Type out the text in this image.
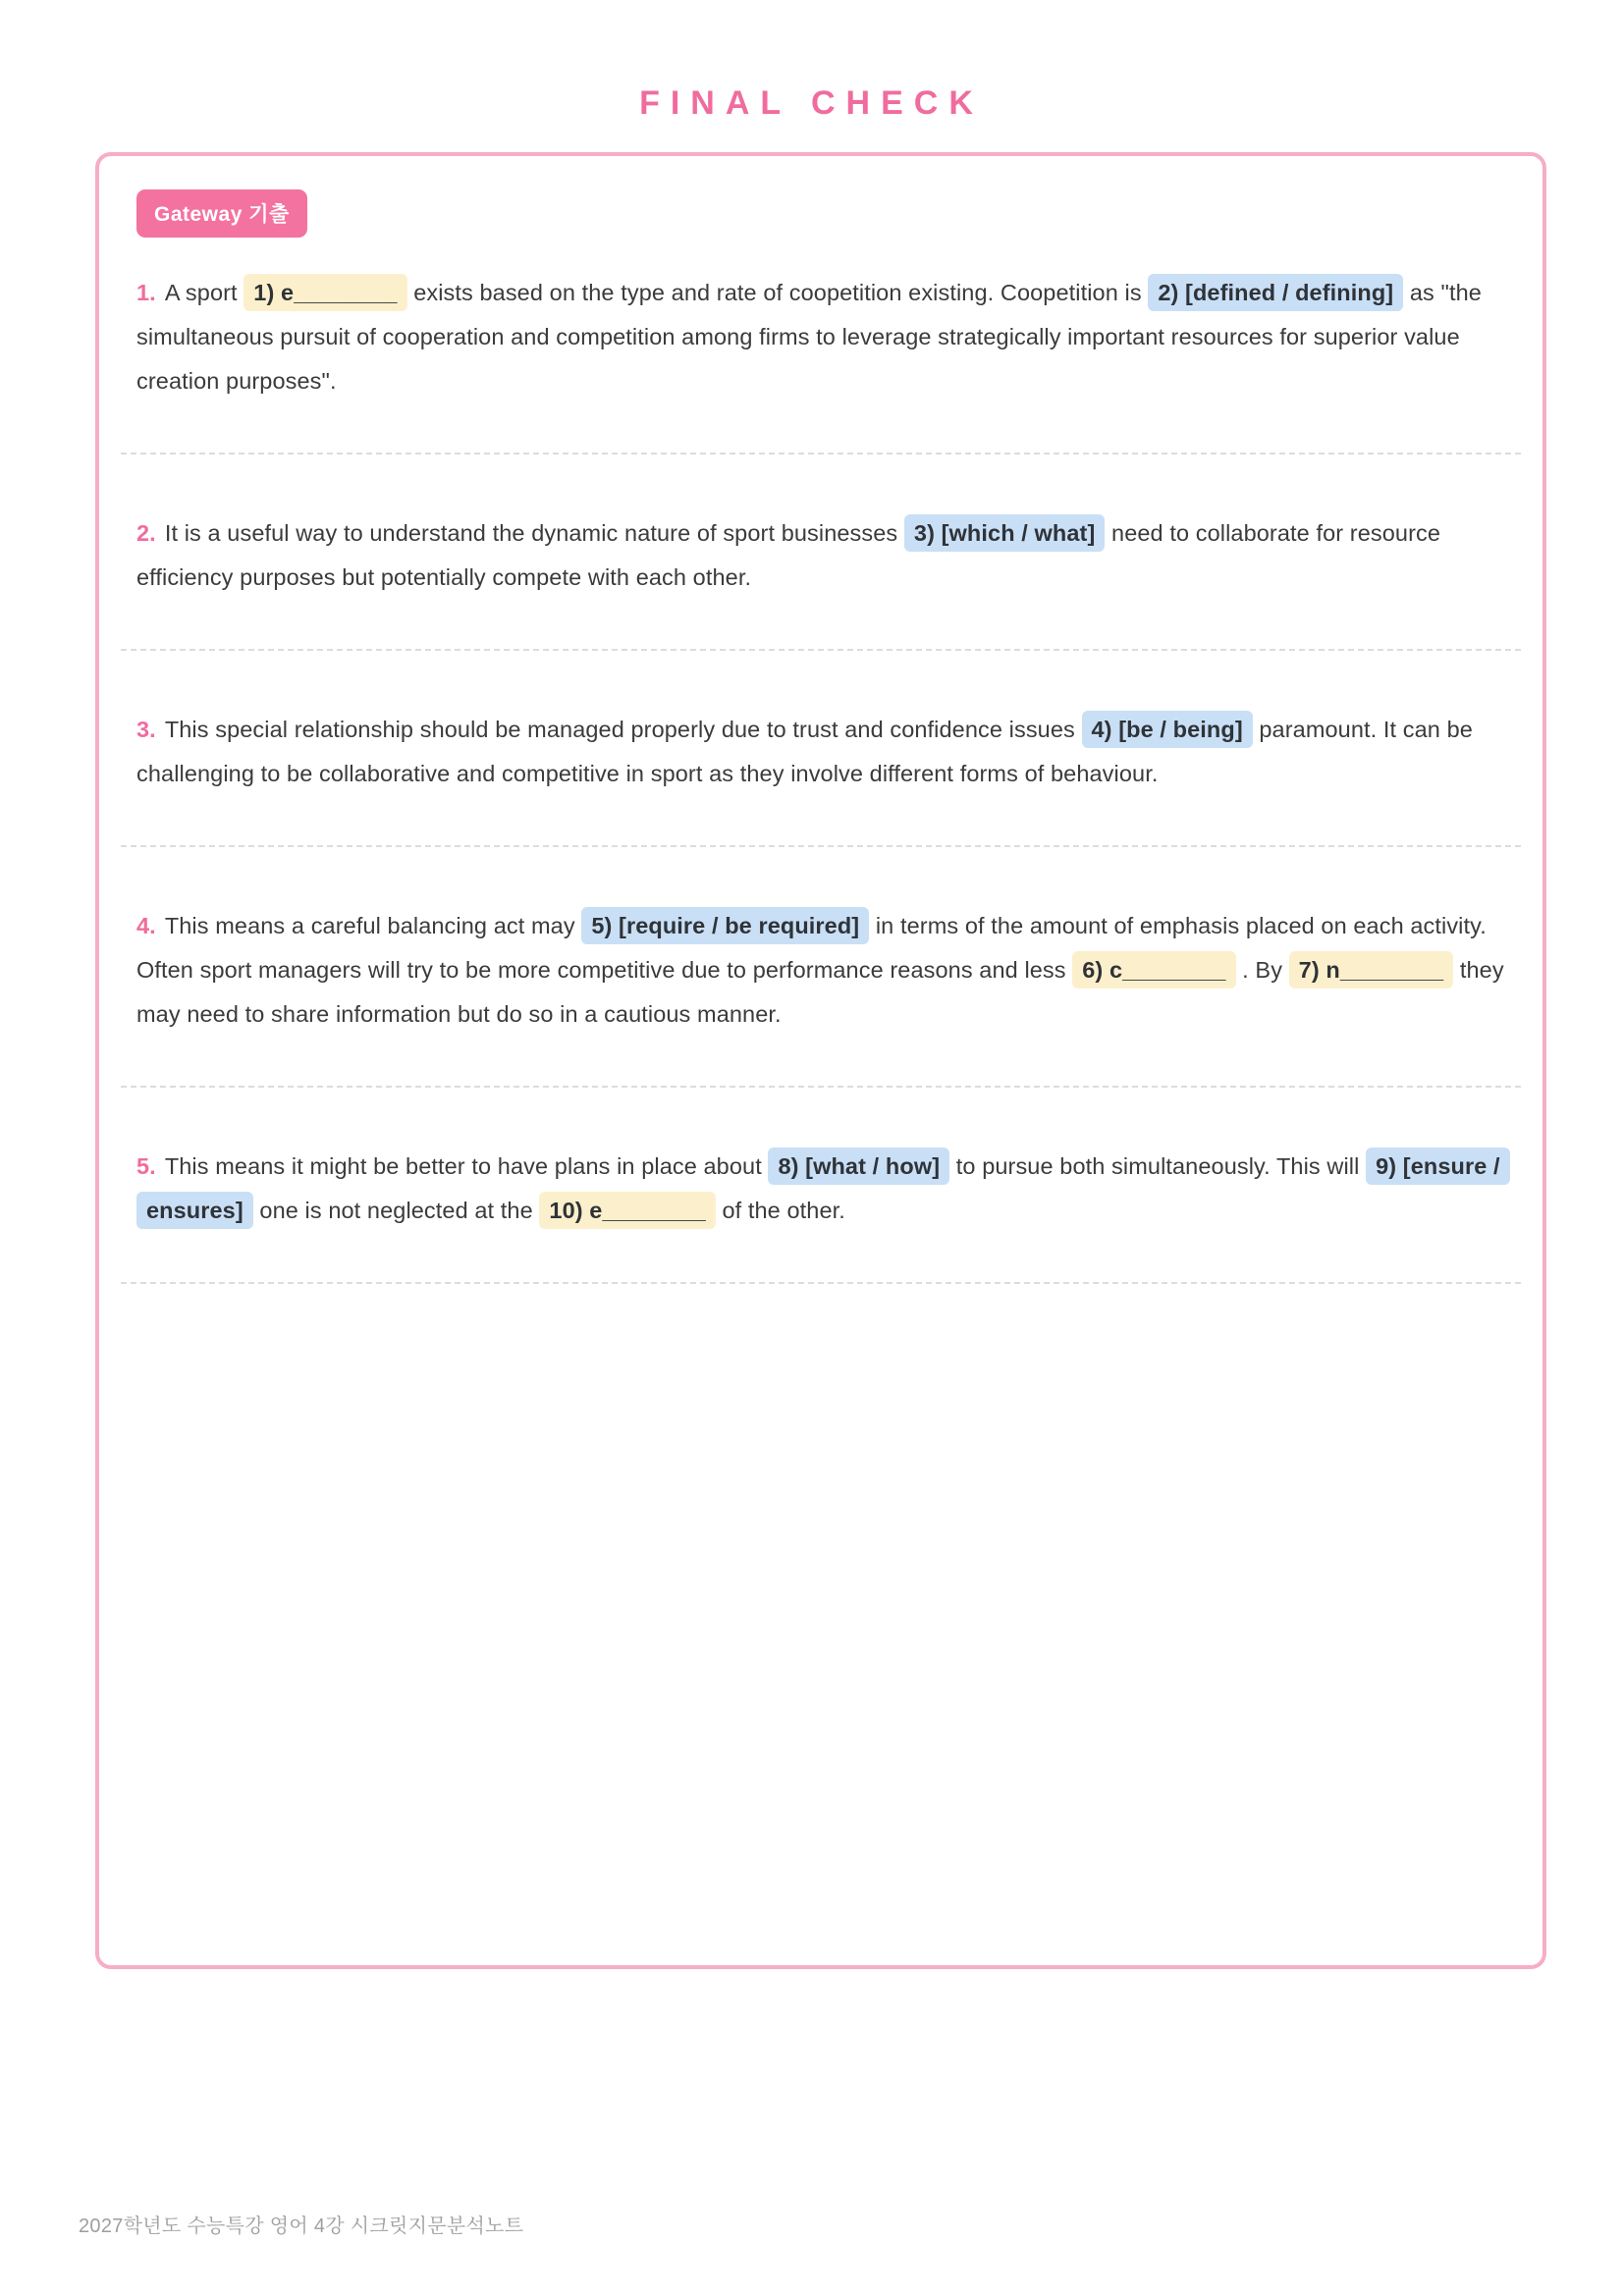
FINAL CHECK
Gateway 기출

1. A sport 1) e________ exists based on the type and rate of coopetition existing. Coopetition is 2) [defined / defining] as "the simultaneous pursuit of cooperation and competition among firms to leverage strategically important resources for superior value creation purposes".

2. It is a useful way to understand the dynamic nature of sport businesses 3) [which / what] need to collaborate for resource efficiency purposes but potentially compete with each other.

3. This special relationship should be managed properly due to trust and confidence issues 4) [be / being] paramount. It can be challenging to be collaborative and competitive in sport as they involve different forms of behaviour.

4. This means a careful balancing act may 5) [require / be required] in terms of the amount of emphasis placed on each activity. Often sport managers will try to be more competitive due to performance reasons and less 6) c________ . By 7) n________ they may need to share information but do so in a cautious manner.

5. This means it might be better to have plans in place about 8) [what / how] to pursue both simultaneously. This will 9) [ensure / ensures] one is not neglected at the 10) e________ of the other.

2027학년도 수능특강 영어 4강 시크릿지문분석노트
